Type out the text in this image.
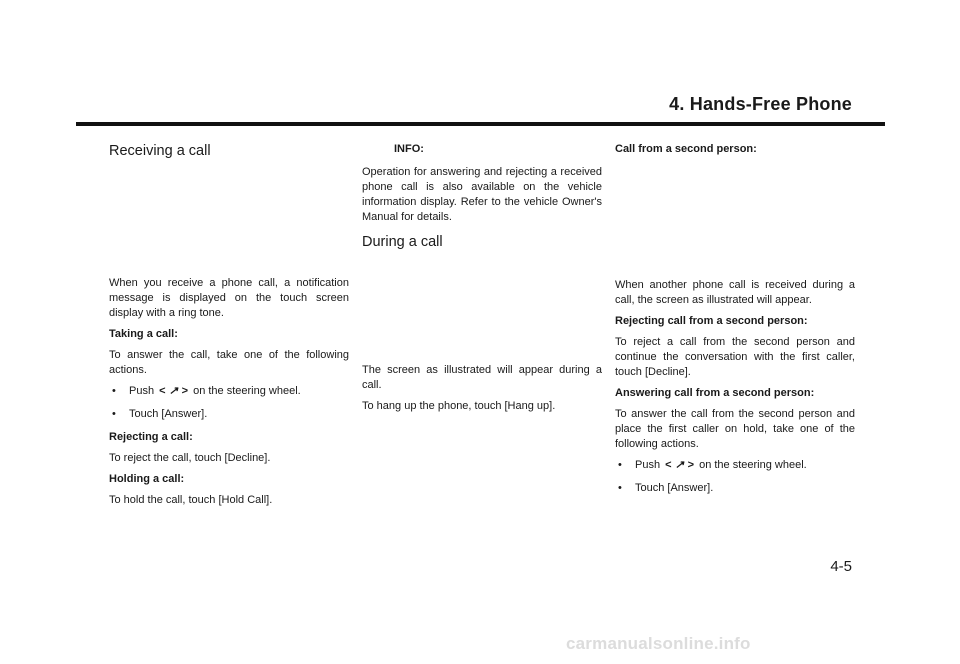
4. Hands-Free Phone

Receiving a call

When you receive a phone call, a notification message is displayed on the touch screen display with a ring tone.

Taking a call:

To answer the call, take one of the following actions.

• Push < ↗ > on the steering wheel.
• Touch [Answer].

Rejecting a call:

To reject the call, touch [Decline].

Holding a call:

To hold the call, touch [Hold Call].

INFO:

Operation for answering and rejecting a received phone call is also available on the vehicle information display. Refer to the vehicle Owner's Manual for details.

During a call

The screen as illustrated will appear during a call.

To hang up the phone, touch [Hang up].

Call from a second person:

When another phone call is received during a call, the screen as illustrated will appear.

Rejecting call from a second person:

To reject a call from the second person and continue the conversation with the first caller, touch [Decline].

Answering call from a second person:

To answer the call from the second person and place the first caller on hold, take one of the following actions.

• Push < ↗ > on the steering wheel.
• Touch [Answer].
4-5
carmanualsonline.info
